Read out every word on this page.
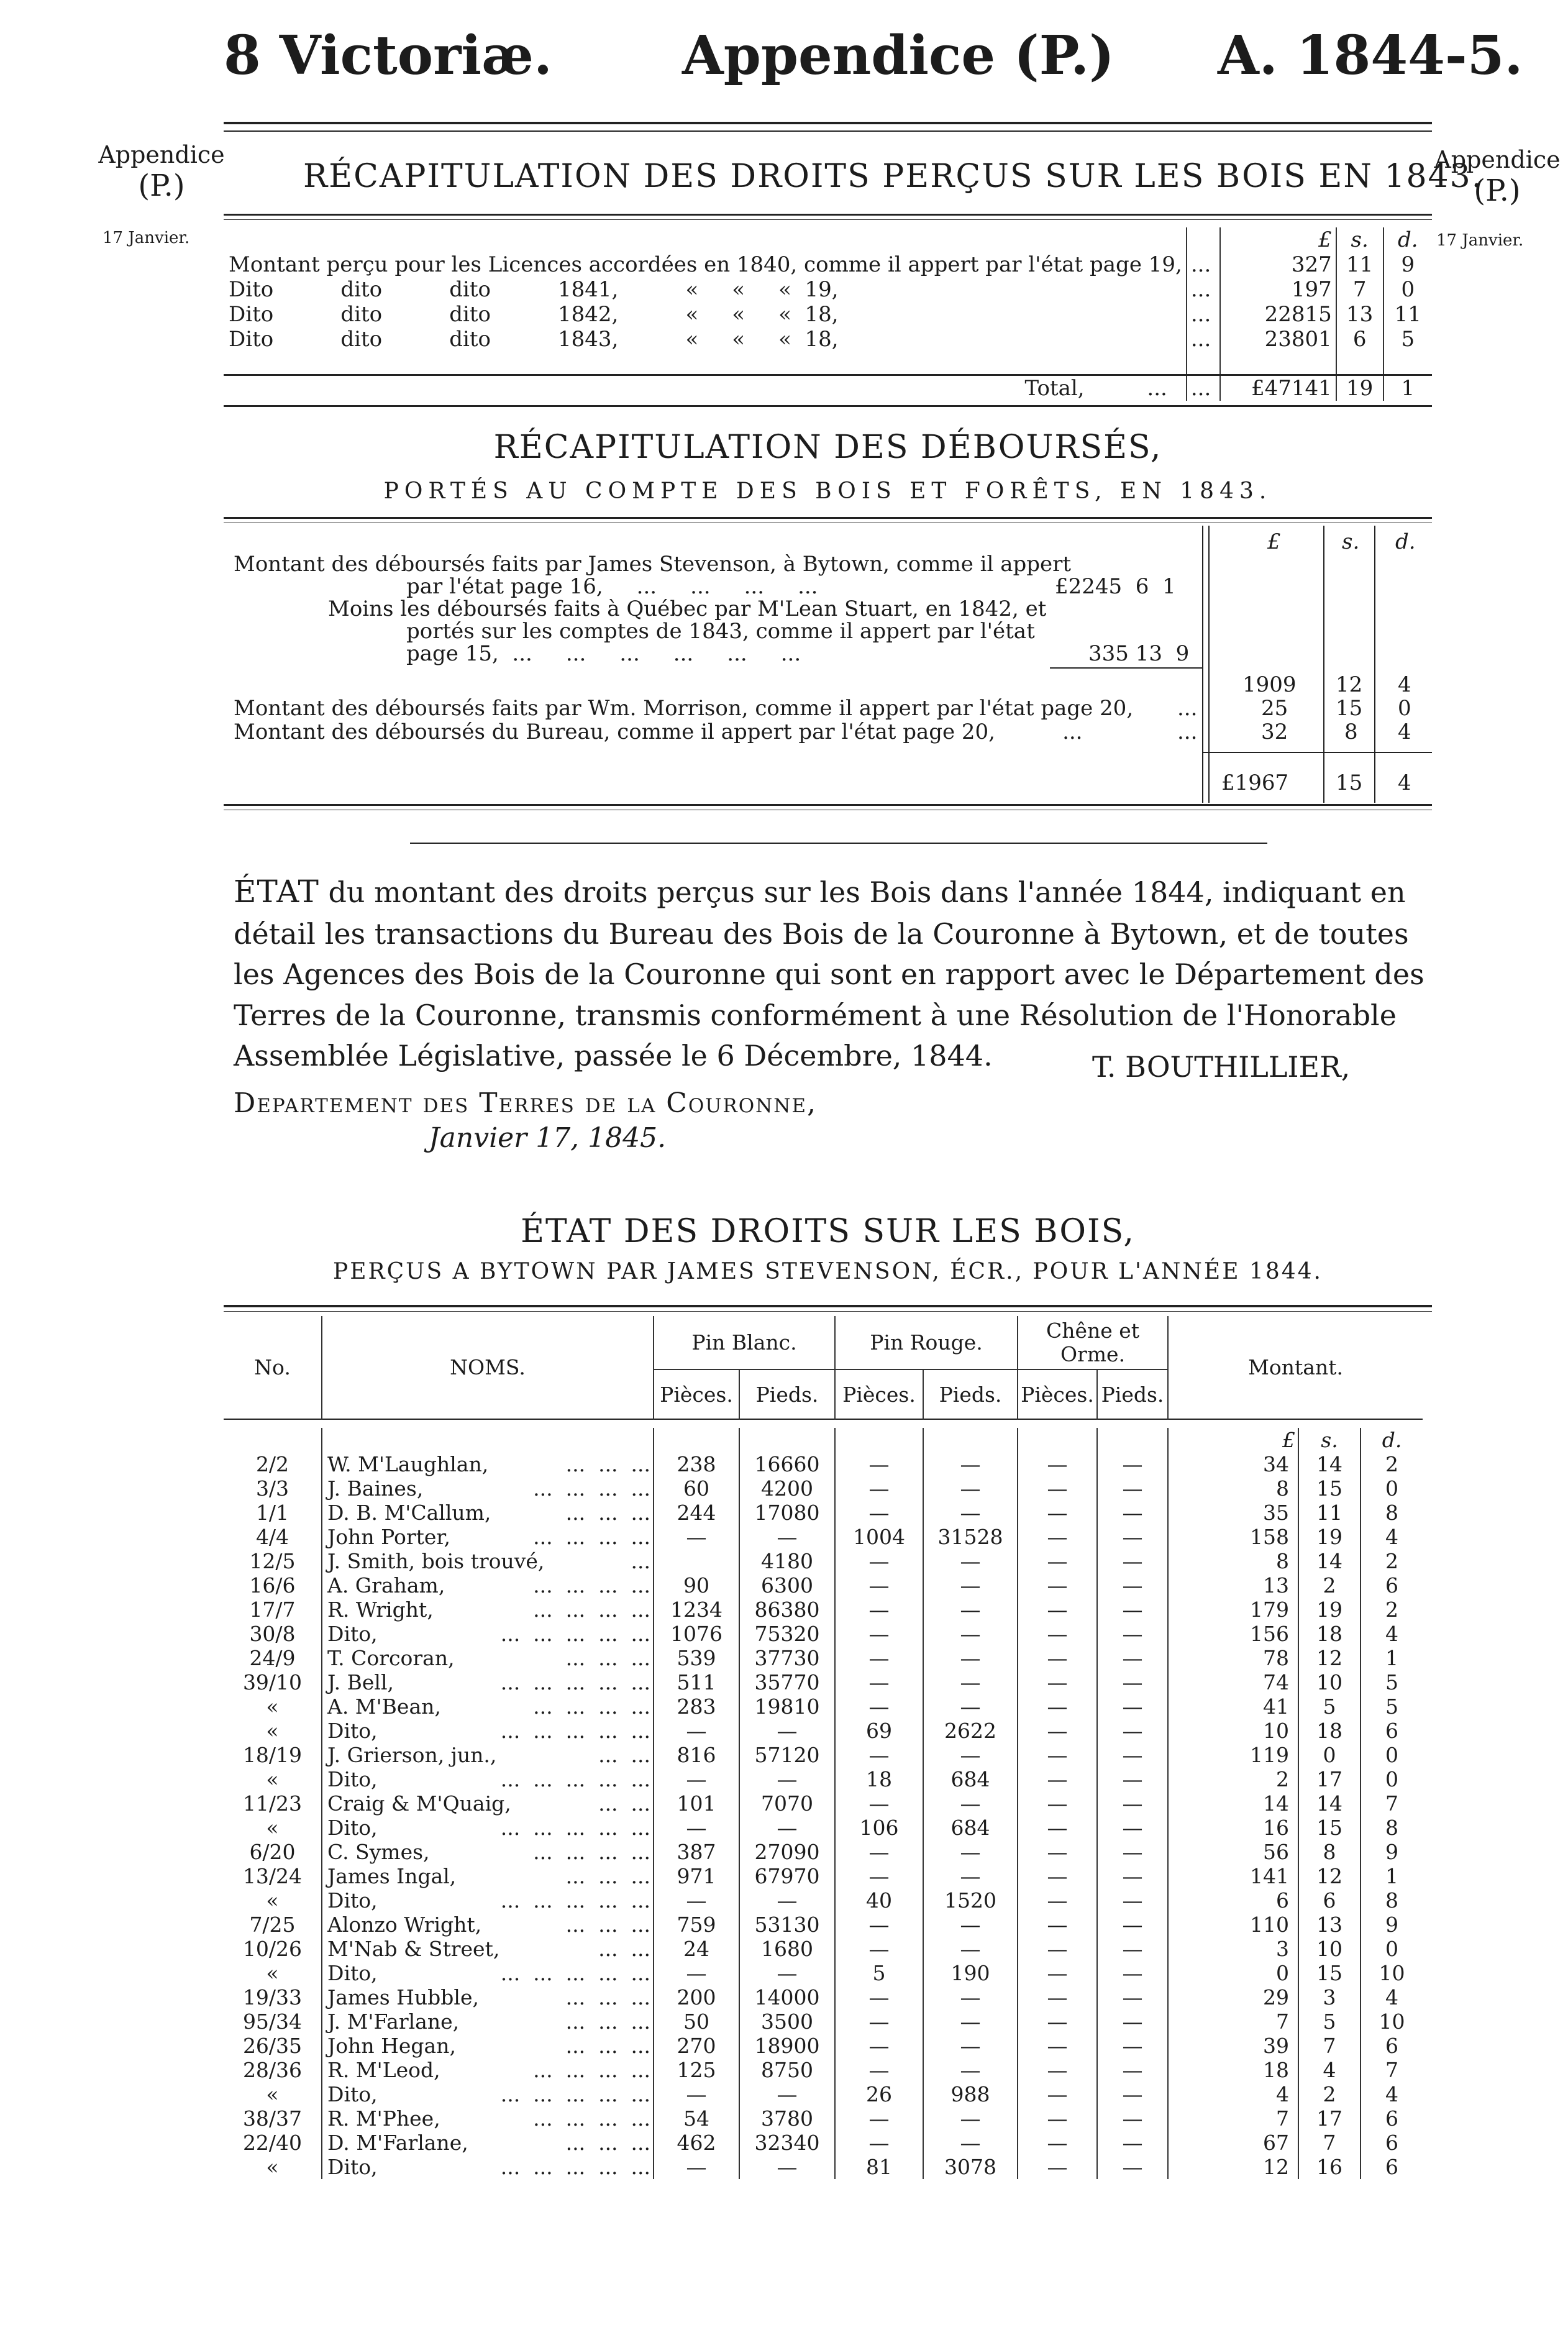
8 Victoriæ. Appendice (P.) A. 1844-5.
Appendice
(P.)
17 Janvier.
Appendice
(P.)
17 Janvier.
RÉCAPITULATION DES DROITS PERÇUS SUR LES BOIS EN 1843.
		£	s.	d.
Montant perçu pour les Licences accordées en 1840, comme il appert par l'état page 19,	...	327	11	9
Dito          dito          dito          1841,          «     «     «  19,	...	197	7	0
Dito          dito          dito          1842,          «     «     «  18,	...	22815	13	11
Dito          dito          dito          1843,          «     «     «  18,	...	23801	6	5

Total, ...	...	£47141	19	1
RÉCAPITULATION DES DÉBOURSÉS,
PORTÉS AU COMPTE DES BOIS ET FORÊTS, EN 1843.
£	s. d.
Montant des déboursés faits par James Stevenson, à Bytown, comme il appert
par l'état page 16,     ...     ...     ...     ...	£2245  6  1
Moins les déboursés faits à Québec par M'Lean Stuart, en 1842, et
portés sur les comptes de 1843, comme il appert par l'état
page 15,  ...     ...     ...     ...     ...     ...	335 13  9
1909 12 4
Montant des déboursés faits par Wm. Morrison, comme il appert par l'état page 20, ...	25 15 0
Montant des déboursés du Bureau, comme il appert par l'état page 20,          ...	...	32	8 4
£1967 15 4
ÉTAT du montant des droits perçus sur les Bois dans l'année 1844, indiquant en détail les transactions du Bureau des Bois de la Couronne à Bytown, et de toutes les Agences des Bois de la Couronne qui sont en rapport avec le Département des Terres de la Couronne, transmis conformément à une Résolution de l'Honorable Assemblée Législative, passée le 6 Décembre, 1844.	T. BOUTHILLIER,
Departement des Terres de la Couronne,
Janvier 17, 1845.
ÉTAT DES DROITS SUR LES BOIS,
PERÇUS A BYTOWN PAR JAMES STEVENSON, ÉCR., POUR L'ANNÉE 1844.
No.	NOMS.	Pin Blanc.		Pin Rouge.		Chêne et Orme.		Montant.		
		Pièces.	Pieds.	Pièces.	Pieds.	Pièces.	Pieds.			

								£	s.	d.
2/2	W. M'Laughlan, ...  ...  ...	238	16660	—	—	—	—	34	14	2
3/3	J. Baines, ...  ...  ...  ...	60	4200	—	—	—	—	8	15	0
1/1	D. B. M'Callum, ...  ...  ...	244	17080	—	—	—	—	35	11	8
4/4	John Porter, ...  ...  ...  ...	—	—	1004	31528	—	—	158	19	4
12/5	J. Smith, bois trouvé, ...		4180	—	—	—	—	8	14	2
16/6	A. Graham, ...  ...  ...  ...	90	6300	—	—	—	—	13	2	6
17/7	R. Wright, ...  ...  ...  ...	1234	86380	—	—	—	—	179	19	2
30/8	Dito, ...  ...  ...  ...  ...	1076	75320	—	—	—	—	156	18	4
24/9	T. Corcoran, ...  ...  ...	539	37730	—	—	—	—	78	12	1
39/10	J. Bell, ...  ...  ...  ...  ...	511	35770	—	—	—	—	74	10	5
«	A. M'Bean, ...  ...  ...  ...	283	19810	—	—	—	—	41	5	5
«	Dito, ...  ...  ...  ...  ...	—	—	69	2622	—	—	10	18	6
18/19	J. Grierson, jun., ...  ...	816	57120	—	—	—	—	119	0	0
«	Dito, ...  ...  ...  ...  ...	—	—	18	684	—	—	2	17	0
11/23	Craig & M'Quaig, ...  ...	101	7070	—	—	—	—	14	14	7
«	Dito, ...  ...  ...  ...  ...	—	—	106	684	—	—	16	15	8
6/20	C. Symes, ...  ...  ...  ...	387	27090	—	—	—	—	56	8	9
13/24	James Ingal, ...  ...  ...	971	67970	—	—	—	—	141	12	1
«	Dito, ...  ...  ...  ...  ...	—	—	40	1520	—	—	6	6	8
7/25	Alonzo Wright, ...  ...  ...	759	53130	—	—	—	—	110	13	9
10/26	M'Nab & Street, ...  ...	24	1680	—	—	—	—	3	10	0
«	Dito, ...  ...  ...  ...  ...	—	—	5	190	—	—	0	15	10
19/33	James Hubble, ...  ...  ...	200	14000	—	—	—	—	29	3	4
95/34	J. M'Farlane, ...  ...  ...	50	3500	—	—	—	—	7	5	10
26/35	John Hegan, ...  ...  ...	270	18900	—	—	—	—	39	7	6
28/36	R. M'Leod, ...  ...  ...  ...	125	8750	—	—	—	—	18	4	7
«	Dito, ...  ...  ...  ...  ...	—	—	26	988	—	—	4	2	4
38/37	R. M'Phee, ...  ...  ...  ...	54	3780	—	—	—	—	7	17	6
22/40	D. M'Farlane, ...  ...  ...	462	32340	—	—	—	—	67	7	6
«	Dito, ...  ...  ...  ...  ...	—	—	81	3078	—	—	12	16	6
